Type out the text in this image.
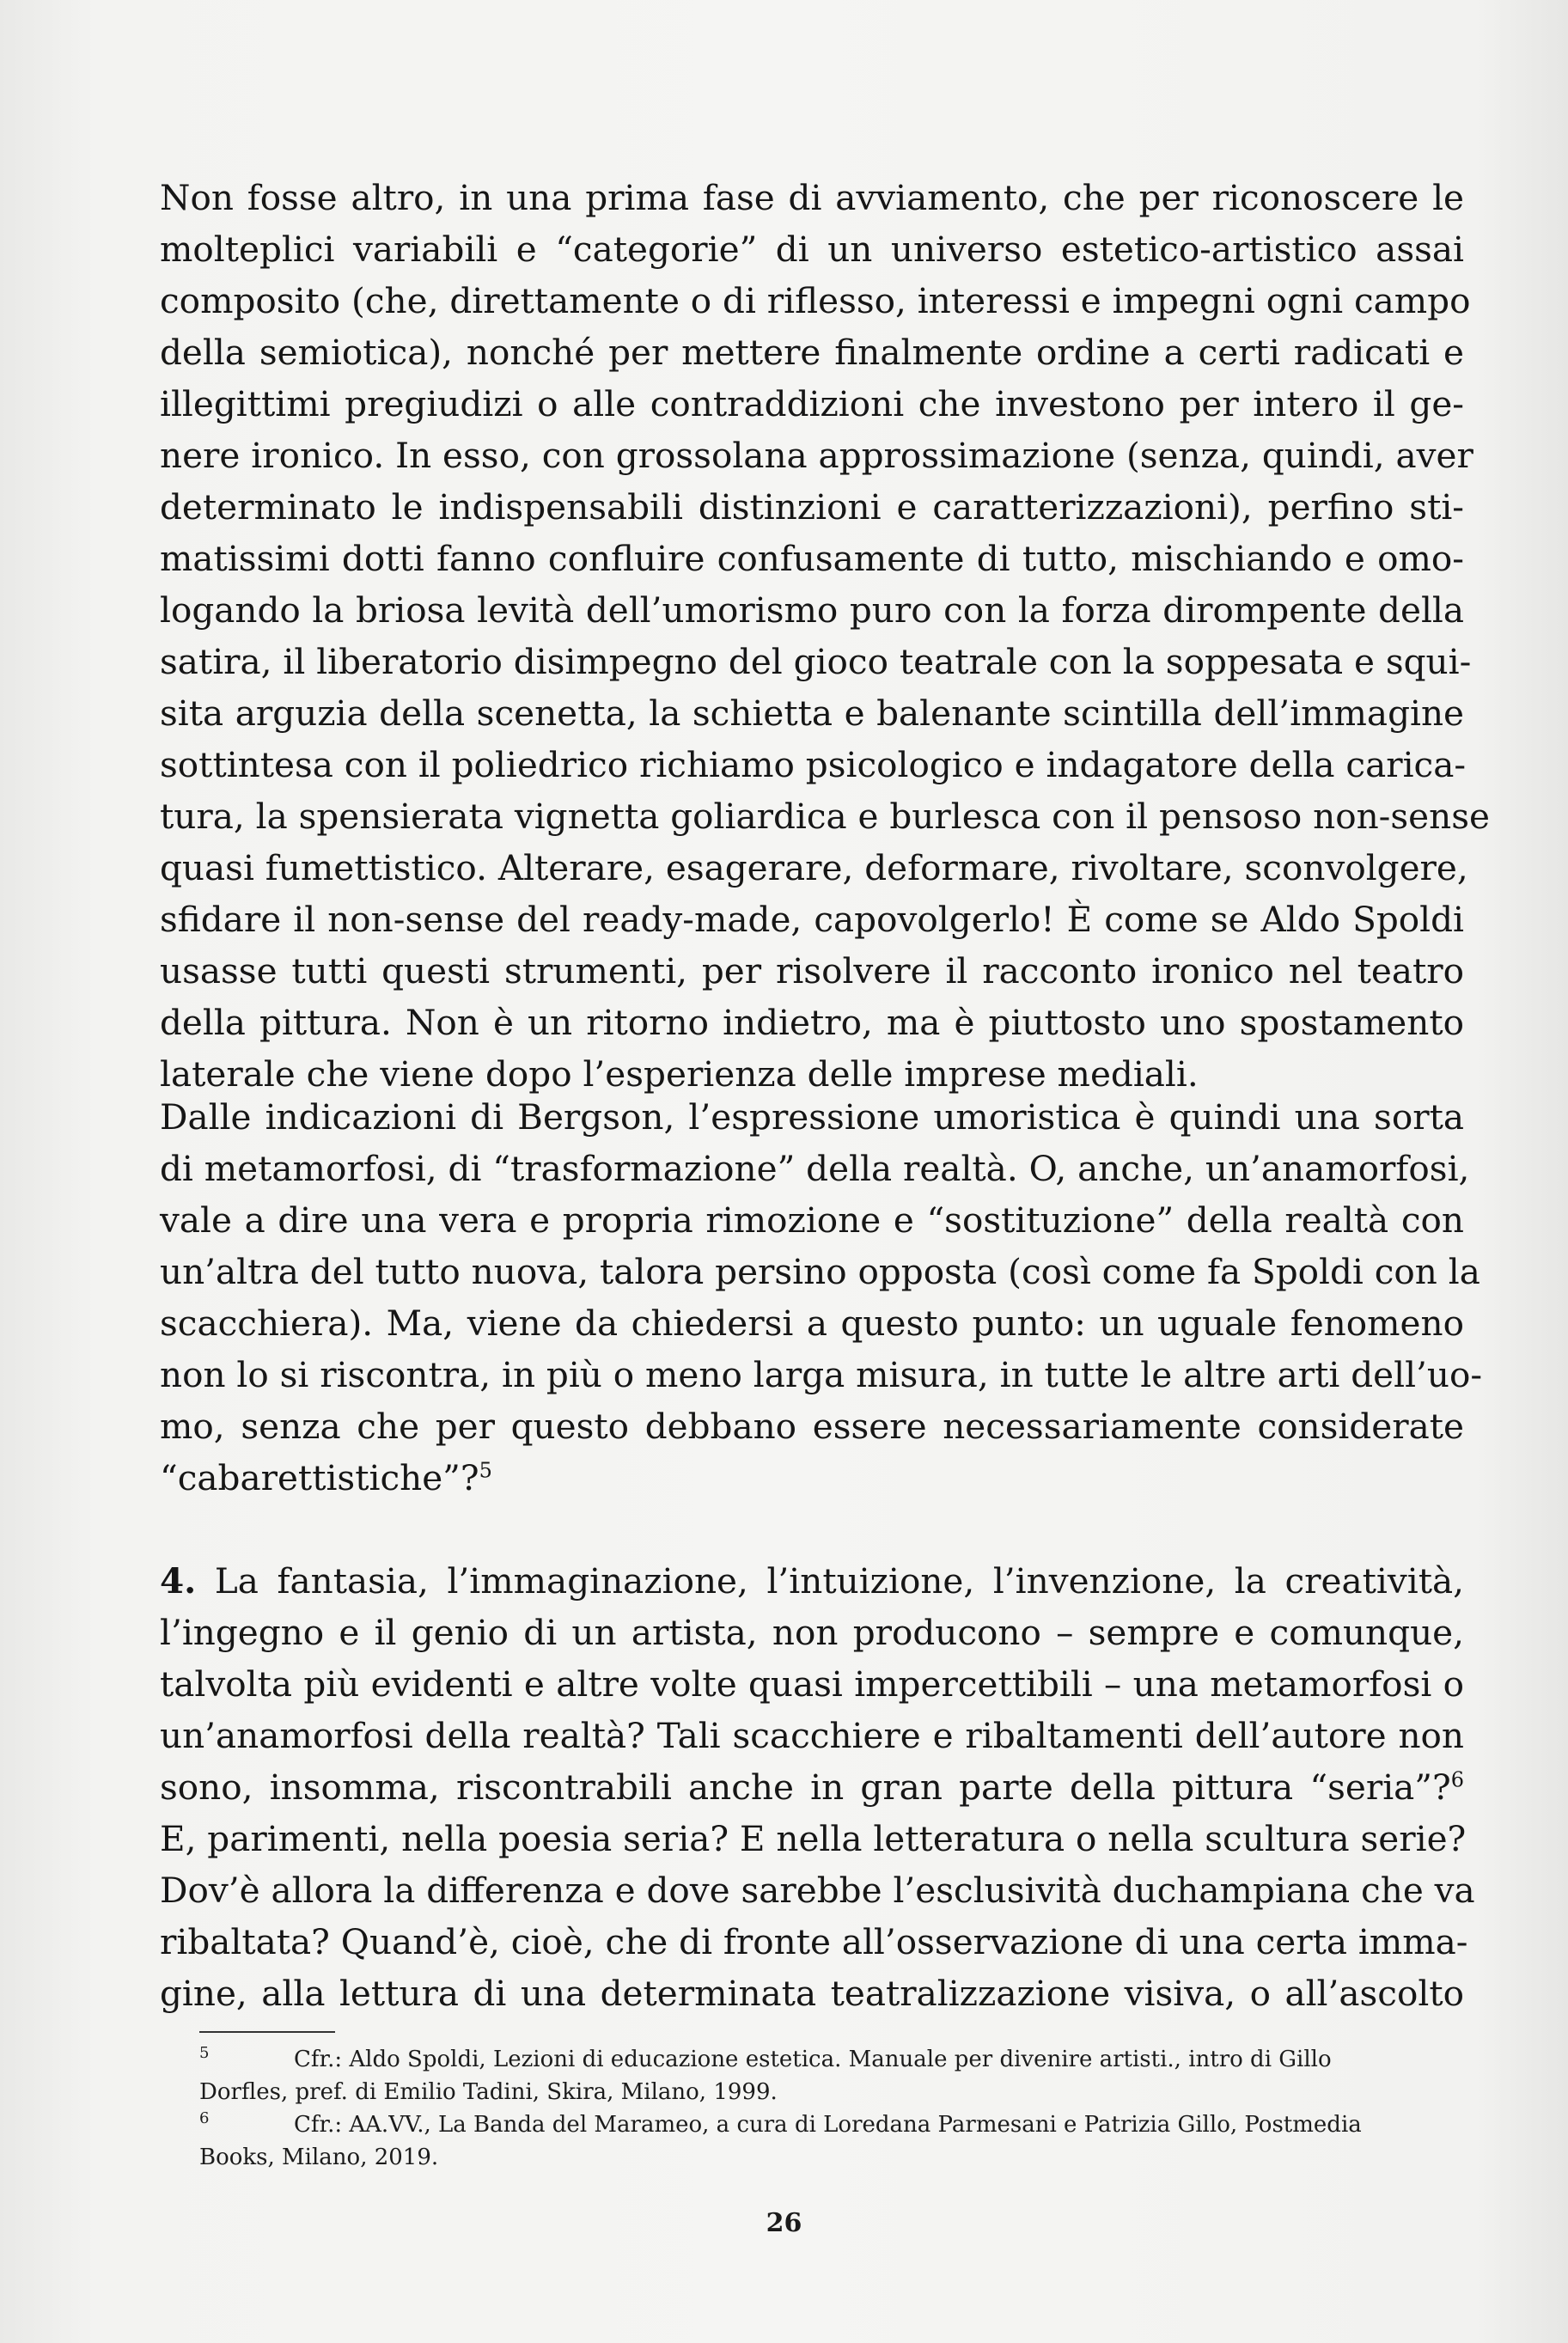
Non fosse altro, in una prima fase di avviamento, che per riconoscere le
molteplici variabili e “categorie” di un universo estetico-artistico assai
composito (che, direttamente o di riflesso, interessi e impegni ogni campo
della semiotica), nonché per mettere finalmente ordine a certi radicati e
illegittimi pregiudizi o alle contraddizioni che investono per intero il ge-
nere ironico. In esso, con grossolana approssimazione (senza, quindi, aver
determinato le indispensabili distinzioni e caratterizzazioni), perfino sti-
matissimi dotti fanno confluire confusamente di tutto, mischiando e omo-
logando la briosa levità dell’umorismo puro con la forza dirompente della
satira, il liberatorio disimpegno del gioco teatrale con la soppesata e squi-
sita arguzia della scenetta, la schietta e balenante scintilla dell’immagine
sottintesa con il poliedrico richiamo psicologico e indagatore della carica-
tura, la spensierata vignetta goliardica e burlesca con il pensoso non-sense
quasi fumettistico. Alterare, esagerare, deformare, rivoltare, sconvolgere,
sfidare il non-sense del ready-made, capovolgerlo! È come se Aldo Spoldi
usasse tutti questi strumenti, per risolvere il racconto ironico nel teatro
della pittura. Non è un ritorno indietro, ma è piuttosto uno spostamento
laterale che viene dopo l’esperienza delle imprese mediali.
Dalle indicazioni di Bergson, l’espressione umoristica è quindi una sorta
di metamorfosi, di “trasformazione” della realtà. O, anche, un’anamorfosi,
vale a dire una vera e propria rimozione e “sostituzione” della realtà con
un’altra del tutto nuova, talora persino opposta (così come fa Spoldi con la
scacchiera). Ma, viene da chiedersi a questo punto: un uguale fenomeno
non lo si riscontra, in più o meno larga misura, in tutte le altre arti dell’uo-
mo, senza che per questo debbano essere necessariamente considerate
“cabarettistiche”?$^5$
4. La fantasia, l’immaginazione, l’intuizione, l’invenzione, la creatività,
l’ingegno e il genio di un artista, non producono – sempre e comunque,
talvolta più evidenti e altre volte quasi impercettibili – una metamorfosi o
un’anamorfosi della realtà? Tali scacchiere e ribaltamenti dell’autore non
sono, insomma, riscontrabili anche in gran parte della pittura “seria”?$^6$
E, parimenti, nella poesia seria? E nella letteratura o nella scultura serie?
Dov’è allora la differenza e dove sarebbe l’esclusività duchampiana che va
ribaltata? Quand’è, cioè, che di fronte all’osservazione di una certa imma-
gine, alla lettura di una determinata teatralizzazione visiva, o all’ascolto
5	Cfr.: Aldo Spoldi, Lezioni di educazione estetica. Manuale per divenire artisti., intro di Gillo
Dorfles, pref. di Emilio Tadini, Skira, Milano, 1999.
6	Cfr.: AA.VV., La Banda del Marameo, a cura di Loredana Parmesani e Patrizia Gillo, Postmedia
Books, Milano, 2019.
26
